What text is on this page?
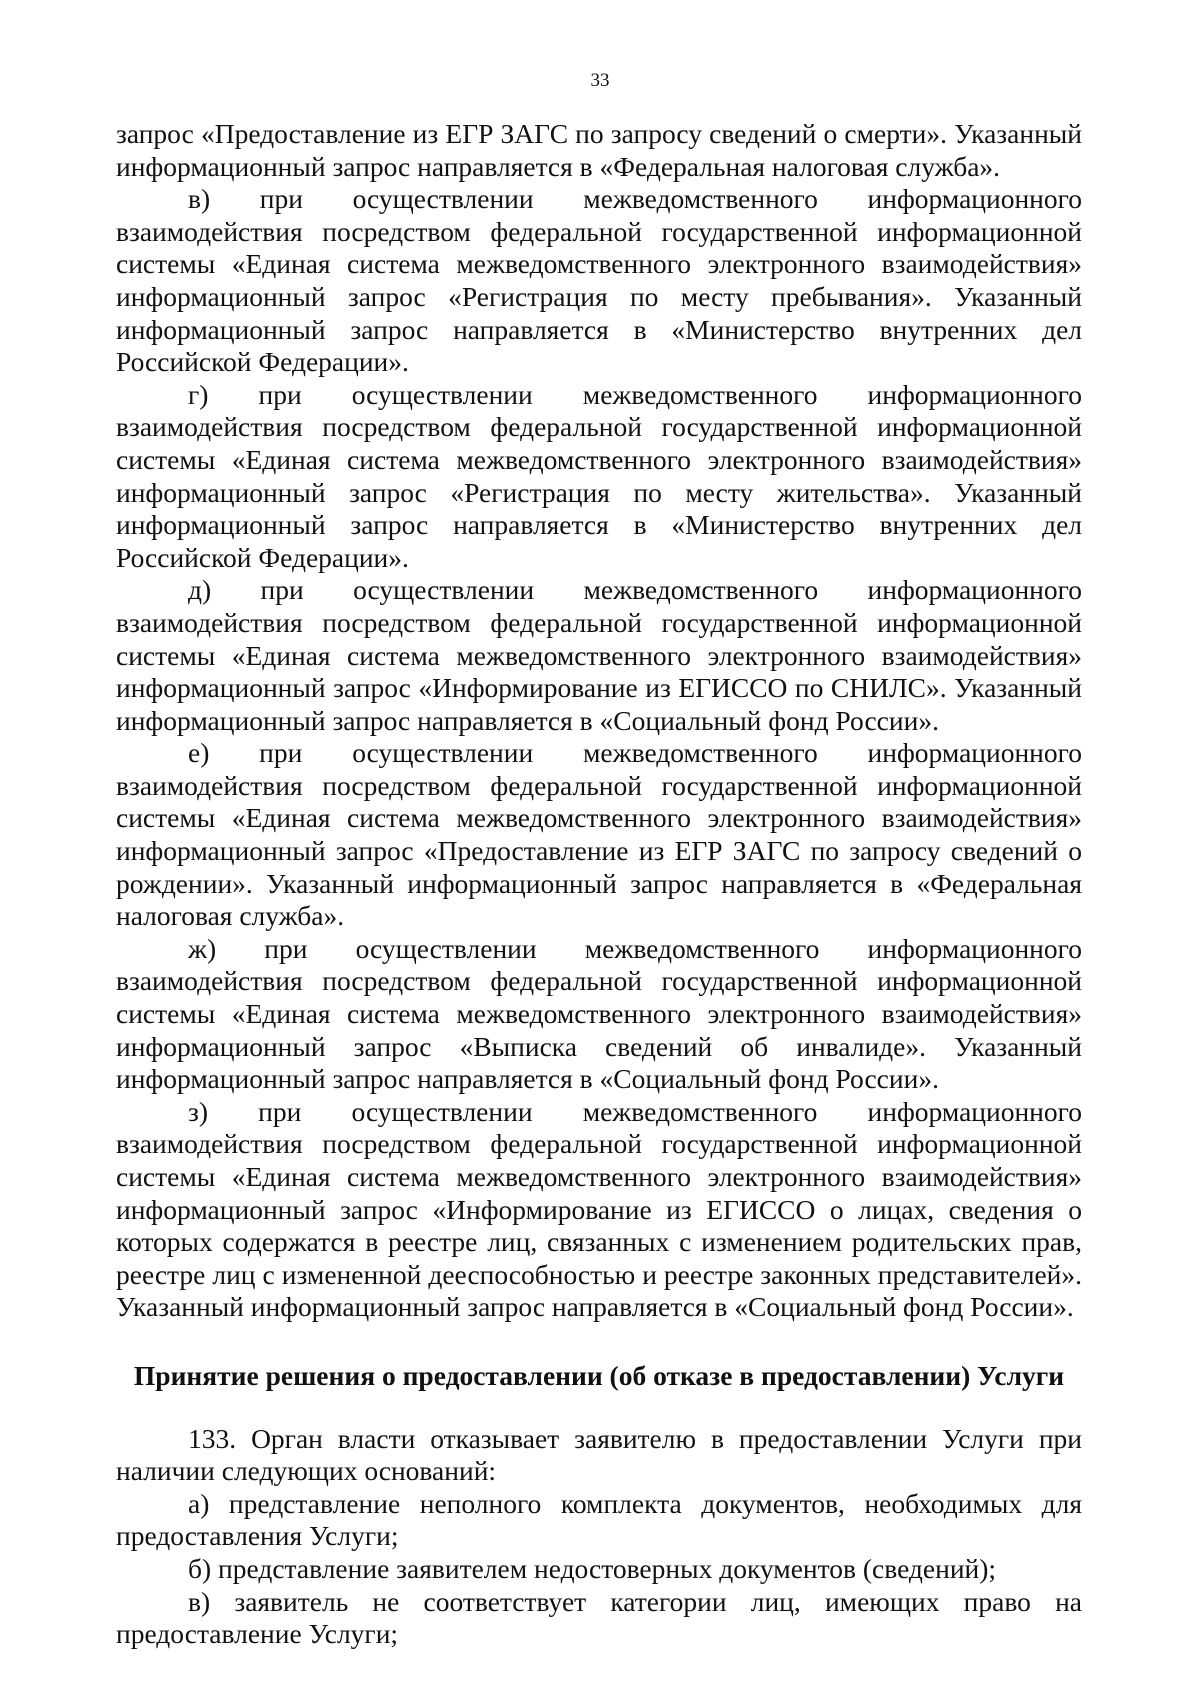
33

запрос «Предоставление из ЕГР ЗАГС по запросу сведений о смерти». Указанный информационный запрос направляется в «Федеральная налоговая служба».

в) при осуществлении межведомственного информационного взаимодействия посредством федеральной государственной информационной системы «Единая система межведомственного электронного взаимодействия» информационный запрос «Регистрация по месту пребывания». Указанный информационный запрос направляется в «Министерство внутренних дел Российской Федерации».

г) при осуществлении межведомственного информационного взаимодействия посредством федеральной государственной информационной системы «Единая система межведомственного электронного взаимодействия» информационный запрос «Регистрация по месту жительства». Указанный информационный запрос направляется в «Министерство внутренних дел Российской Федерации».

д) при осуществлении межведомственного информационного взаимодействия посредством федеральной государственной информационной системы «Единая система межведомственного электронного взаимодействия» информационный запрос «Информирование из ЕГИССО по СНИЛС». Указанный информационный запрос направляется в «Социальный фонд России».

е) при осуществлении межведомственного информационного взаимодействия посредством федеральной государственной информационной системы «Единая система межведомственного электронного взаимодействия» информационный запрос «Предоставление из ЕГР ЗАГС по запросу сведений о рождении». Указанный информационный запрос направляется в «Федеральная налоговая служба».

ж) при осуществлении межведомственного информационного взаимодействия посредством федеральной государственной информационной системы «Единая система межведомственного электронного взаимодействия» информационный запрос «Выписка сведений об инвалиде». Указанный информационный запрос направляется в «Социальный фонд России».

з) при осуществлении межведомственного информационного взаимодействия посредством федеральной государственной информационной системы «Единая система межведомственного электронного взаимодействия» информационный запрос «Информирование из ЕГИССО о лицах, сведения о которых содержатся в реестре лиц, связанных с изменением родительских прав, реестре лиц с измененной дееспособностью и реестре законных представителей». Указанный информационный запрос направляется в «Социальный фонд России».

Принятие решения о предоставлении (об отказе в предоставлении) Услуги

133. Орган власти отказывает заявителю в предоставлении Услуги при наличии следующих оснований:

а) представление неполного комплекта документов, необходимых для предоставления Услуги;

б) представление заявителем недостоверных документов (сведений);

в) заявитель не соответствует категории лиц, имеющих право на предоставление Услуги;
